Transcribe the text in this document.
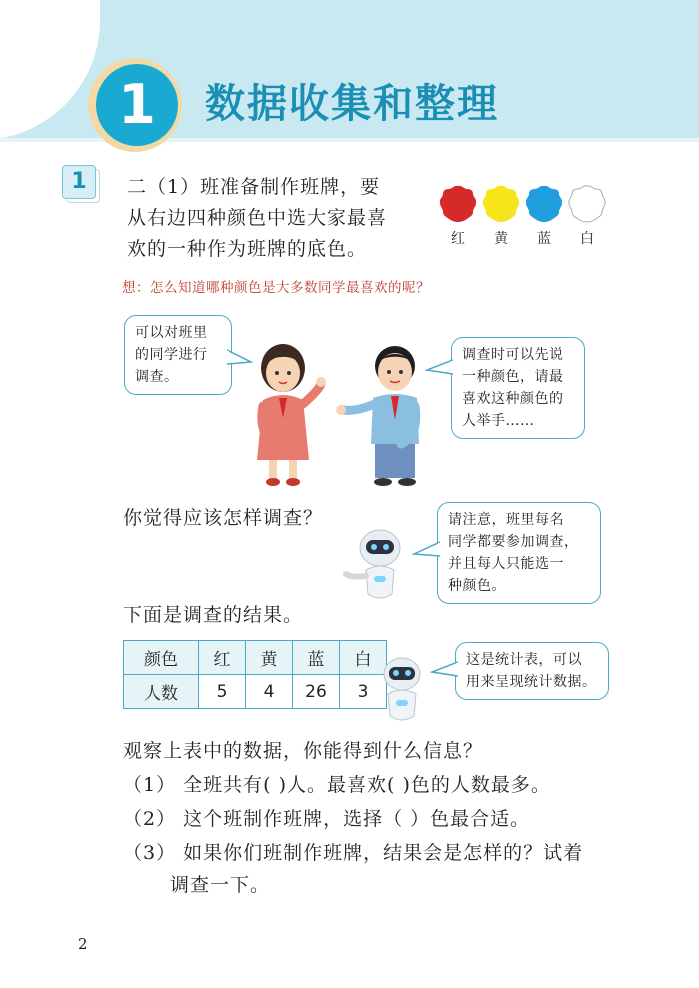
1	数据收集和整理
1	二（1）班准备制作班牌，要
从右边四种颜色中选大家最喜
欢的一种作为班牌的底色。	红	黄	蓝	白
想：怎么知道哪种颜色是大多数同学最喜欢的呢？
可以对班里
的同学进行
调查。
调查时可以先说
一种颜色，请最
喜欢这种颜色的
人举手……
你觉得应该怎样调查？	请注意，班里每名
同学都要参加调查，
并且每人只能选一
种颜色。
下面是调查的结果。
颜色	红	黄	蓝	白
人数	5	4	26	3
这是统计表，可以
用来呈现统计数据。
观察上表中的数据，你能得到什么信息？
（1） 全班共有( )人。最喜欢( )色的人数最多。
（2） 这个班制作班牌，选择（ ）色最合适。
（3） 如果你们班制作班牌，结果会是怎样的？试着
调查一下。
2
